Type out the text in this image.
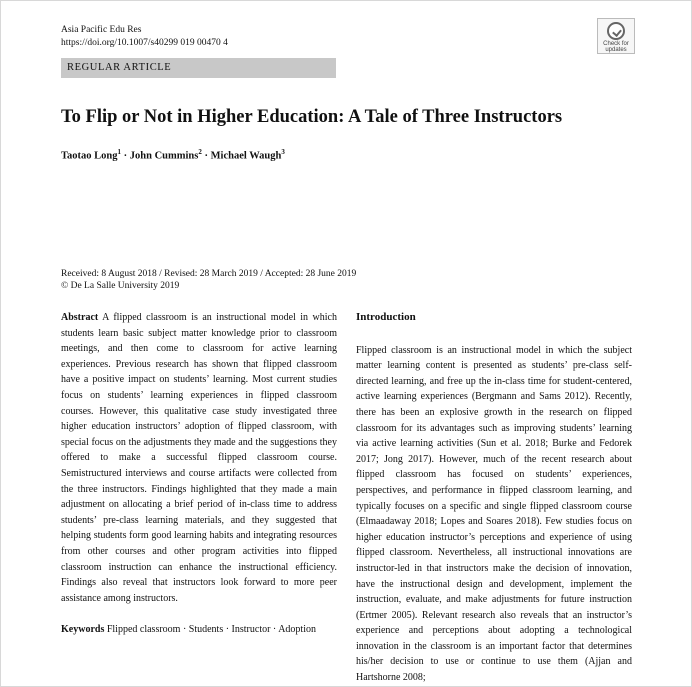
Asia Pacific Edu Res
https://doi.org/10.1007/s40299 019 00470 4	Check for
updates
REGULAR ARTICLE
To Flip or Not in Higher Education: A Tale of Three Instructors
Taotao Long$^1$ · John Cummins$^2$ · Michael Waugh$^3$
Received: 8 August 2018 / Revised: 28 March 2019 / Accepted: 28 June 2019
© De La Salle University 2019

Abstract A flipped classroom is an instructional model in which students learn basic subject matter knowledge prior to classroom meetings, and then come to classroom for active learning experiences. Previous research has shown that flipped classroom have a positive impact on students’ learning. Most current studies focus on students’ learning experiences in flipped classroom courses. However, this qualitative case study investigated three higher education instructors’ adoption of flipped classroom, with special focus on the adjustments they made and the suggestions they offered to make a successful flipped classroom course. Semistructured interviews and course artifacts were collected from the three instructors. Findings highlighted that they made a main adjustment on allocating a brief period of in-class time to address students’ pre-class learning materials, and they suggested that helping students form good learning habits and integrating resources from other courses and other program activities into flipped classroom instruction can enhance the instructional efficiency. Findings also reveal that instructors look forward to more peer assistance among instructors.

Keywords Flipped classroom · Students · Instructor · Adoption

Introduction

Flipped classroom is an instructional model in which the subject matter learning content is presented as students’ pre-class self-directed learning, and free up the in-class time for student-centered, active learning experiences (Bergmann and Sams 2012). Recently, there has been an explosive growth in the research on flipped classroom for its advantages such as improving students’ learning via active learning activities (Sun et al. 2018; Burke and Fedorek 2017; Jong 2017). However, much of the recent research about flipped classroom has focused on students’ experiences, perspectives, and performance in flipped classroom learning, and typically focuses on a specific and single flipped classroom course (Elmaadaway 2018; Lopes and Soares 2018). Few studies focus on higher education instructor’s perceptions and experience of using flipped classroom. Nevertheless, all instructional innovations are instructor-led in that instructors make the decision of innovation, have the instructional design and development, implement the instruction, evaluate, and make adjustments for future instruction (Ertmer 2005). Relevant research also reveals that an instructor’s experience and perceptions about adopting a technological innovation in the classroom is an important factor that determines his/her decision to use or continue to use them (Ajjan and Hartshorne 2008;
